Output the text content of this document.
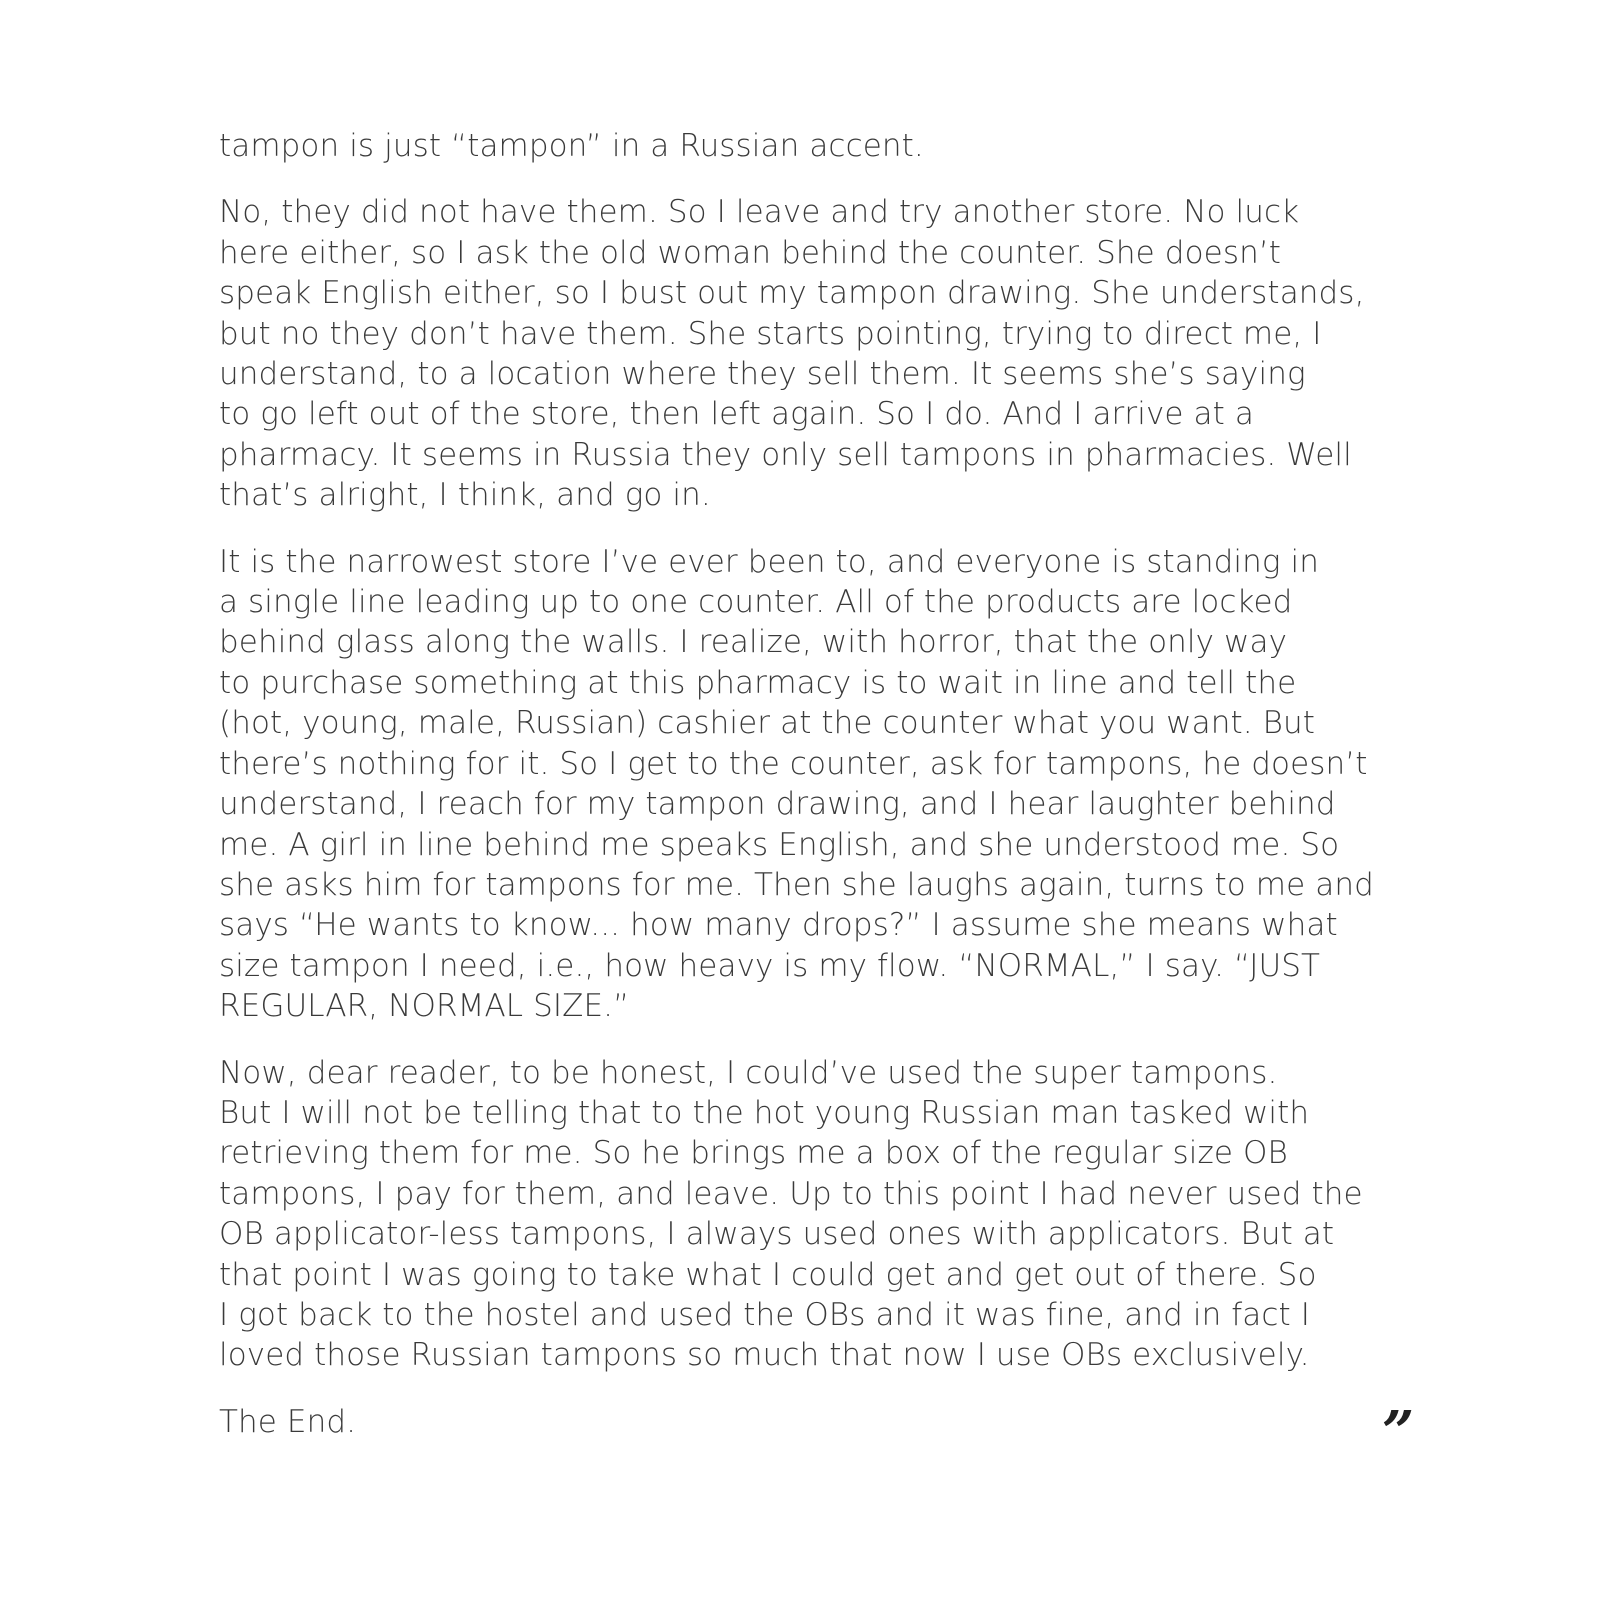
tampon is just “tampon” in a Russian accent.

No, they did not have them. So I leave and try another store. No luck
here either, so I ask the old woman behind the counter. She doesn’t
speak English either, so I bust out my tampon drawing. She understands,
but no they don’t have them. She starts pointing, trying to direct me, I
understand, to a location where they sell them. It seems she’s saying
to go left out of the store, then left again. So I do. And I arrive at a
pharmacy. It seems in Russia they only sell tampons in pharmacies. Well
that’s alright, I think, and go in.

It is the narrowest store I’ve ever been to, and everyone is standing in
a single line leading up to one counter. All of the products are locked
behind glass along the walls. I realize, with horror, that the only way
to purchase something at this pharmacy is to wait in line and tell the
(hot, young, male, Russian) cashier at the counter what you want. But
there’s nothing for it. So I get to the counter, ask for tampons, he doesn’t
understand, I reach for my tampon drawing, and I hear laughter behind
me. A girl in line behind me speaks English, and she understood me. So
she asks him for tampons for me. Then she laughs again, turns to me and
says “He wants to know... how many drops?” I assume she means what
size tampon I need, i.e., how heavy is my flow. “NORMAL,” I say. “JUST
REGULAR, NORMAL SIZE.”

Now, dear reader, to be honest, I could’ve used the super tampons.
But I will not be telling that to the hot young Russian man tasked with
retrieving them for me. So he brings me a box of the regular size OB
tampons, I pay for them, and leave. Up to this point I had never used the
OB applicator-less tampons, I always used ones with applicators. But at
that point I was going to take what I could get and get out of there. So
I got back to the hostel and used the OBs and it was fine, and in fact I
loved those Russian tampons so much that now I use OBs exclusively.

The End.	”
